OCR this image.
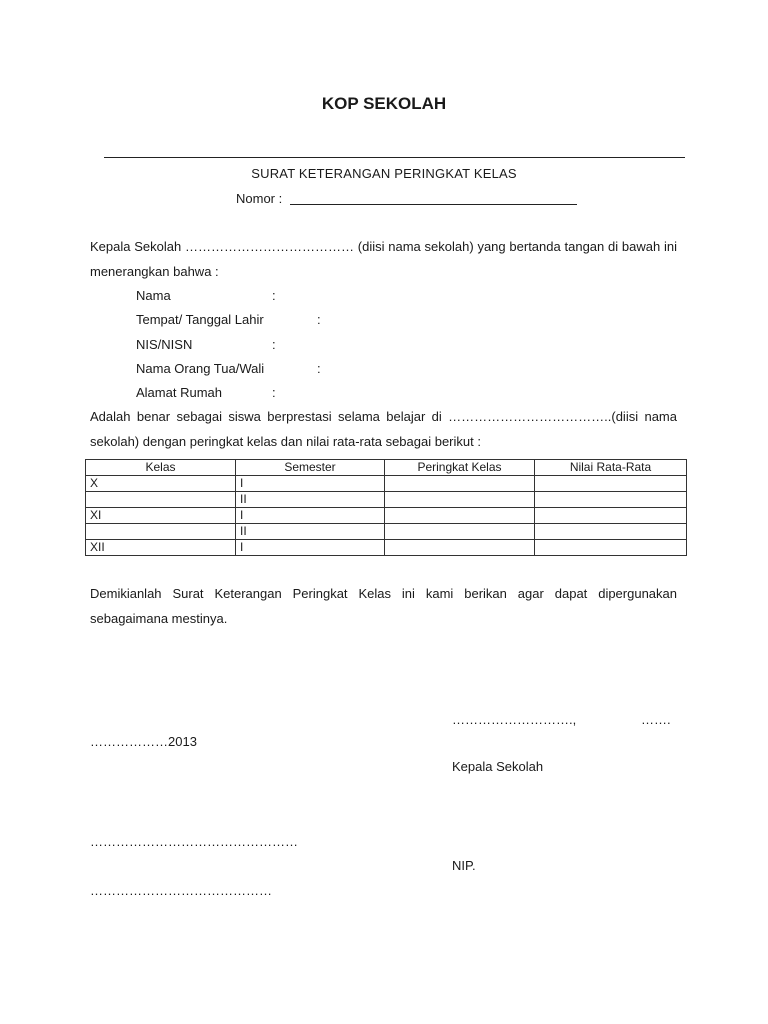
KOP SEKOLAH
SURAT KETERANGAN PERINGKAT KELAS
Nomor :
Kepala Sekolah ………………………………… (diisi nama sekolah) yang bertanda tangan di bawah ini menerangkan bahwa :
Nama	:
Tempat/ Tanggal Lahir	:
NIS/NISN	:
Nama Orang Tua/Wali	:
Alamat Rumah	:
Adalah benar sebagai siswa berprestasi selama belajar di ………………………………..(diisi nama sekolah) dengan peringkat kelas dan nilai rata-rata sebagai berikut :
Kelas	Semester	Peringkat Kelas	Nilai Rata-Rata
X	I		
	II		
XI	I		
	II		
XII	I		
Demikianlah Surat Keterangan Peringkat Kelas ini kami berikan agar dapat dipergunakan sebagaimana mestinya.
……………………….,	…….
………………2013
Kepala Sekolah
…………………………………………
NIP.
……………………………………
